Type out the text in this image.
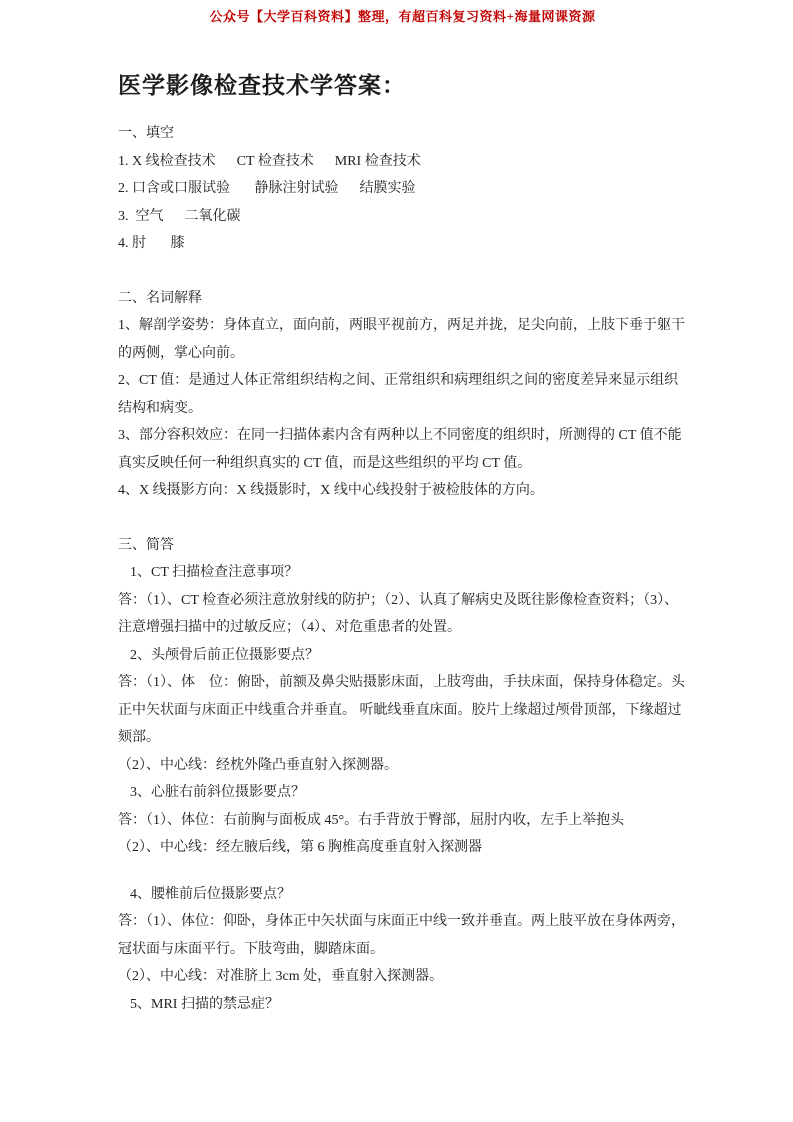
公众号【大学百科资料】整理，有超百科复习资料+海量网课资源
医学影像检查技术学答案：

一、填空

1. X 线检查技术      CT 检查技术      MRI 检查技术

2. 口含或口服试验       静脉注射试验      结膜实验

3.  空气      二氧化碳

4. 肘       膝

二、名词解释

1、解剖学姿势：身体直立，面向前，两眼平视前方，两足并拢，足尖向前，上肢下垂于躯干的两侧，掌心向前。

2、CT 值：是通过人体正常组织结构之间、正常组织和病理组织之间的密度差异来显示组织结构和病变。

3、部分容积效应：在同一扫描体素内含有两种以上不同密度的组织时，所测得的 CT 值不能真实反映任何一种组织真实的 CT 值，而是这些组织的平均 CT 值。

4、X 线摄影方向：X 线摄影时，X 线中心线投射于被检肢体的方向。

三、简答

1、CT 扫描检查注意事项？

答：（1）、CT 检查必须注意放射线的防护；（2）、认真了解病史及既往影像检查资料；（3）、注意增强扫描中的过敏反应；（4）、对危重患者的处置。

2、头颅骨后前正位摄影要点？

答：（1）、体    位：俯卧，前额及鼻尖贴摄影床面，上肢弯曲，手扶床面，保持身体稳定。头正中矢状面与床面正中线重合并垂直。 听眦线垂直床面。胶片上缘超过颅骨顶部，下缘超过颏部。

（2）、中心线：经枕外隆凸垂直射入探测器。

3、心脏右前斜位摄影要点？

答：（1）、体位：右前胸与面板成 45°。右手背放于臀部，屈肘内收，左手上举抱头

（2）、中心线：经左腋后线，第 6 胸椎高度垂直射入探测器

4、腰椎前后位摄影要点？

答：（1）、体位：仰卧，身体正中矢状面与床面正中线一致并垂直。两上肢平放在身体两旁，冠状面与床面平行。下肢弯曲，脚踏床面。

（2）、中心线：对准脐上 3cm 处，垂直射入探测器。

5、MRI 扫描的禁忌症？
